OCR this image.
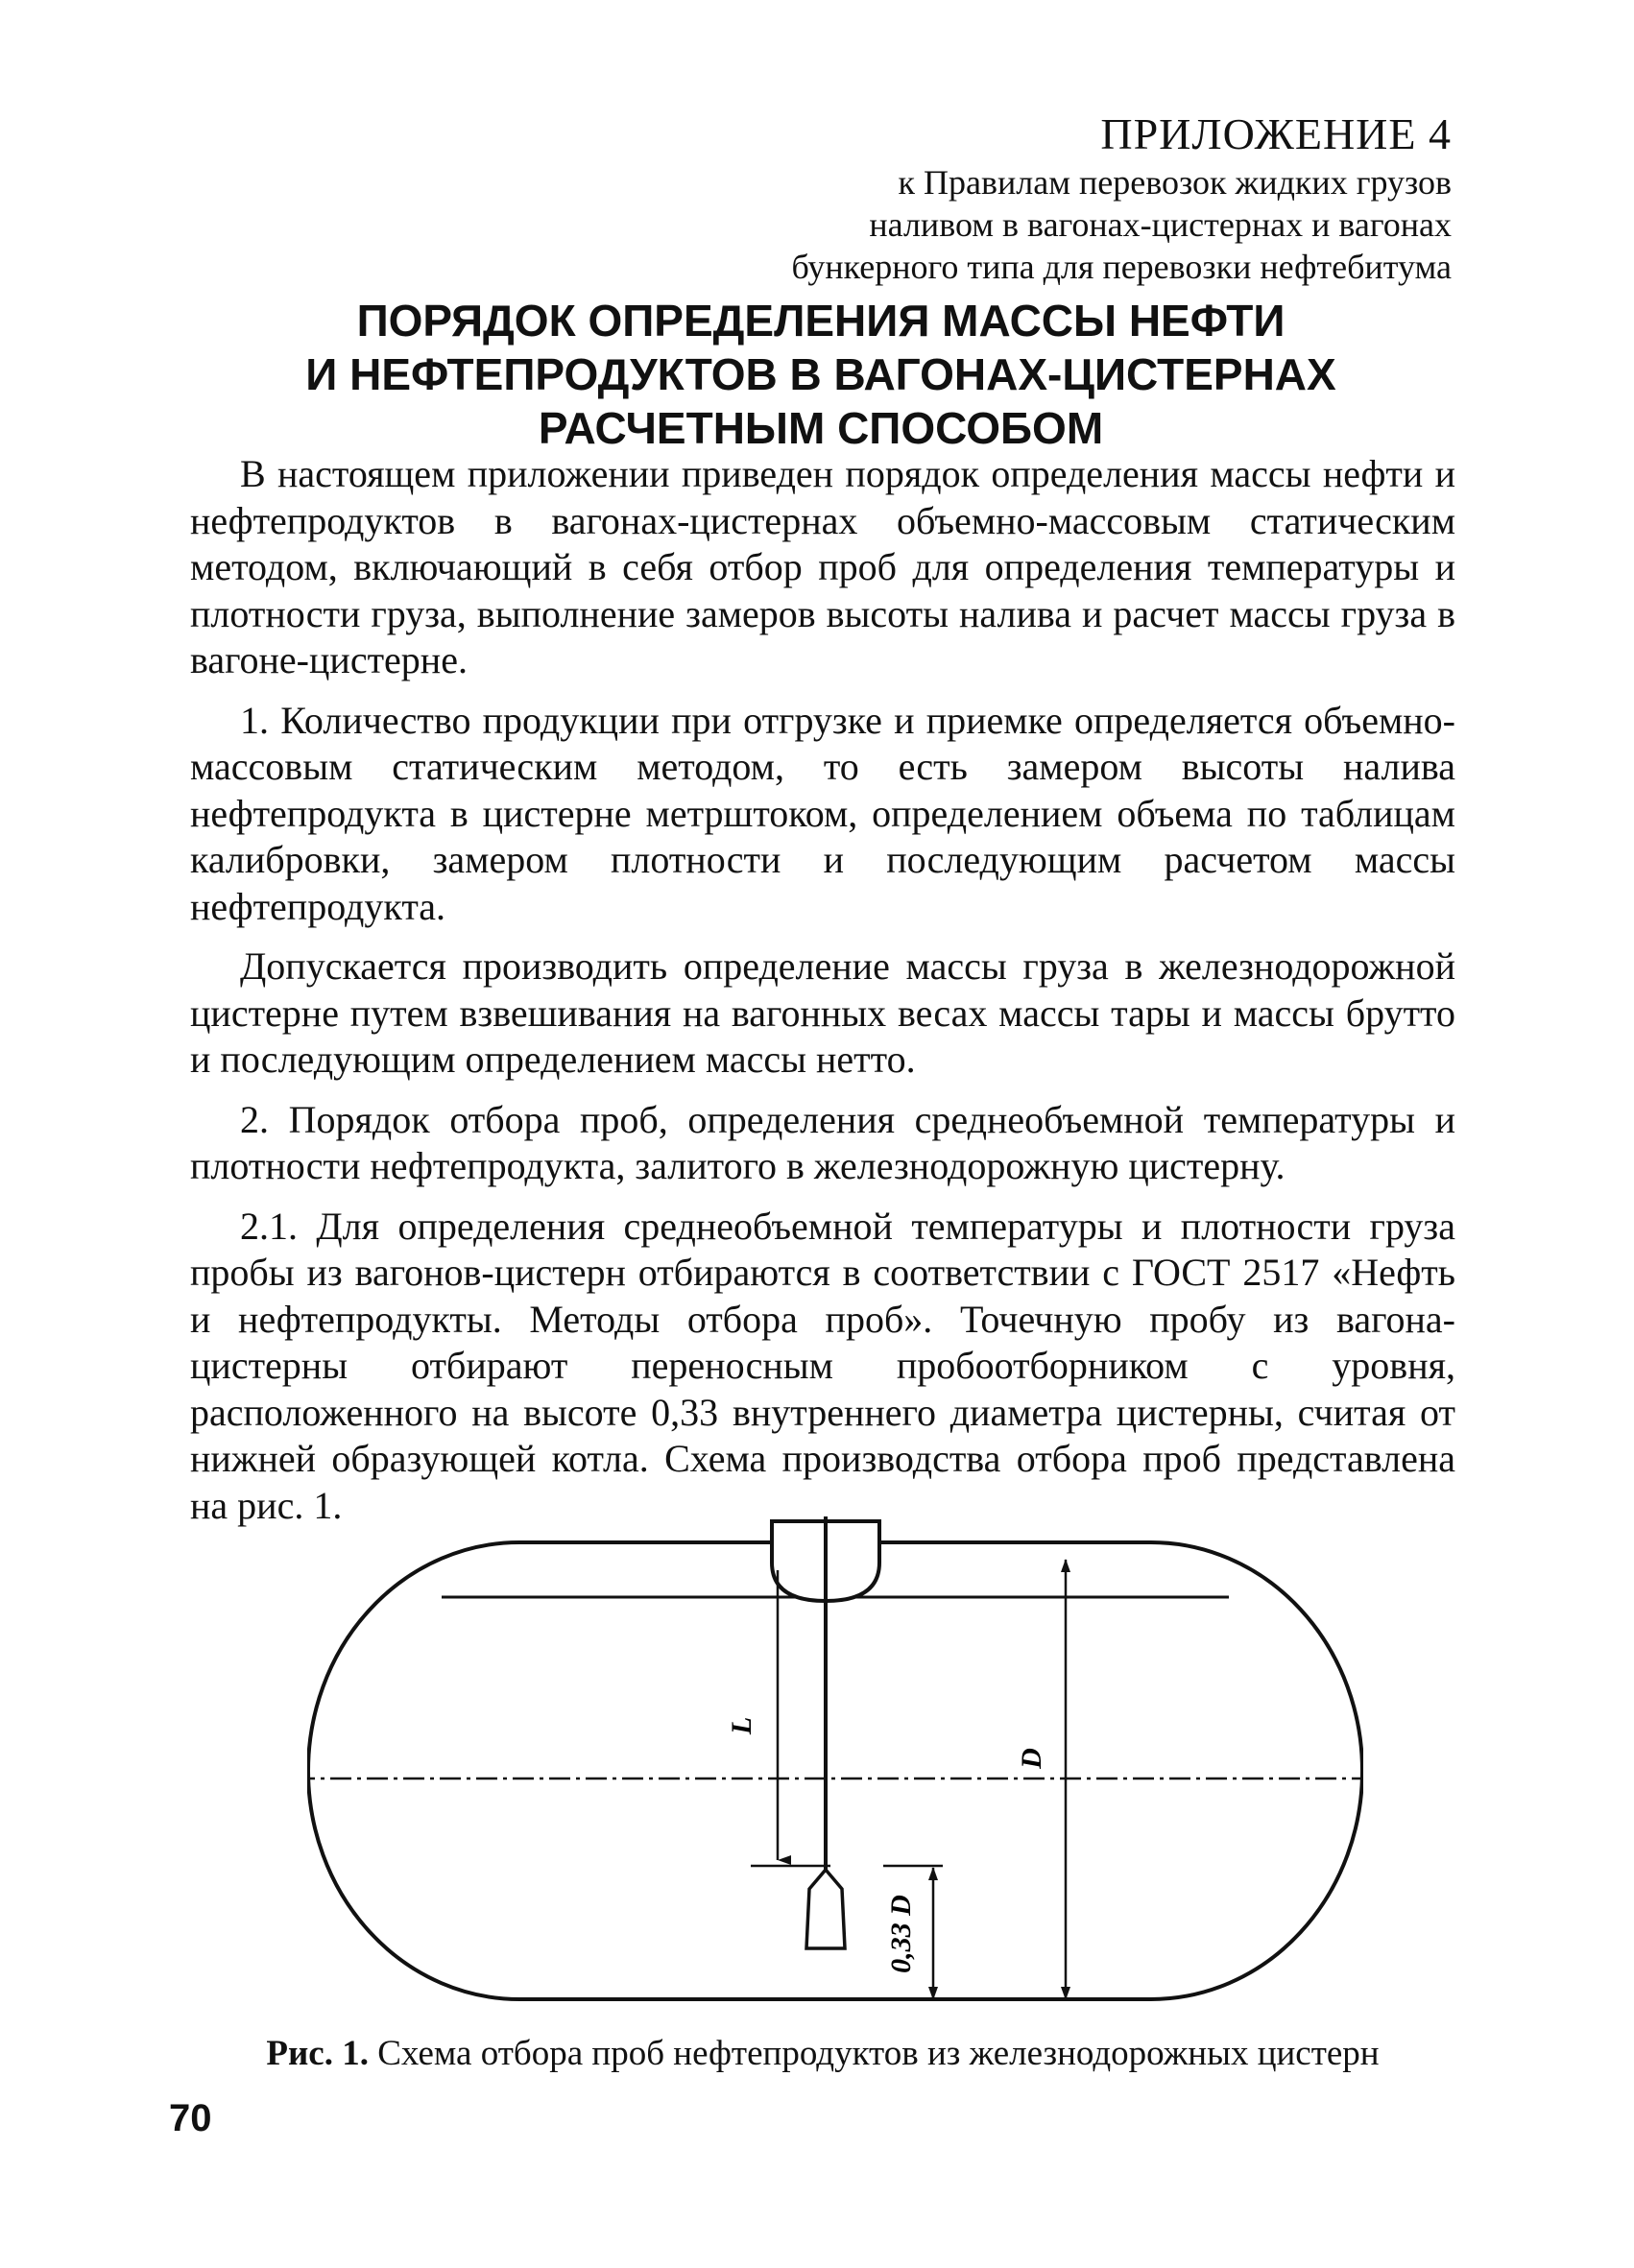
ПРИЛОЖЕНИЕ 4
к Правилам перевозок жидких грузов
наливом в вагонах-цистернах и вагонах
бункерного типа для перевозки нефтебитума
ПОРЯДОК ОПРЕДЕЛЕНИЯ МАССЫ НЕФТИ
И НЕФТЕПРОДУКТОВ В ВАГОНАХ-ЦИСТЕРНАХ
РАСЧЕТНЫМ СПОСОБОМ

В настоящем приложении приведен порядок определения массы нефти и нефтепродуктов в вагонах-цистернах объемно-массовым статическим методом, включающий в себя отбор проб для определения температуры и плотности груза, выполнение замеров высоты налива и расчет массы груза в вагоне-цистерне.

1. Количество продукции при отгрузке и приемке определяется объемно-массовым статическим методом, то есть замером высоты налива нефтепродукта в цистерне метрштоком, определением объема по таблицам калибровки, замером плотности и последующим расчетом массы нефтепродукта.

Допускается производить определение массы груза в железнодорожной цистерне путем взвешивания на вагонных весах массы тары и массы брутто и последующим определением массы нетто.

2. Порядок отбора проб, определения среднеобъемной температуры и плотности нефтепродукта, залитого в железнодорожную цистерну.

2.1. Для определения среднеобъемной температуры и плотности груза пробы из вагонов-цистерн отбираются в соответствии с ГОСТ 2517 «Нефть и нефтепродукты. Методы отбора проб». Точечную пробу из вагона-цистерны отбирают переносным пробоотборником с уровня, расположенного на высоте 0,33 внутреннего диаметра цистерны, считая от нижней образующей котла. Схема производства отбора проб представлена на рис. 1.

L
D
0,33 D
Рис. 1. Схема отбора проб нефтепродуктов из железнодорожных цистерн
70
